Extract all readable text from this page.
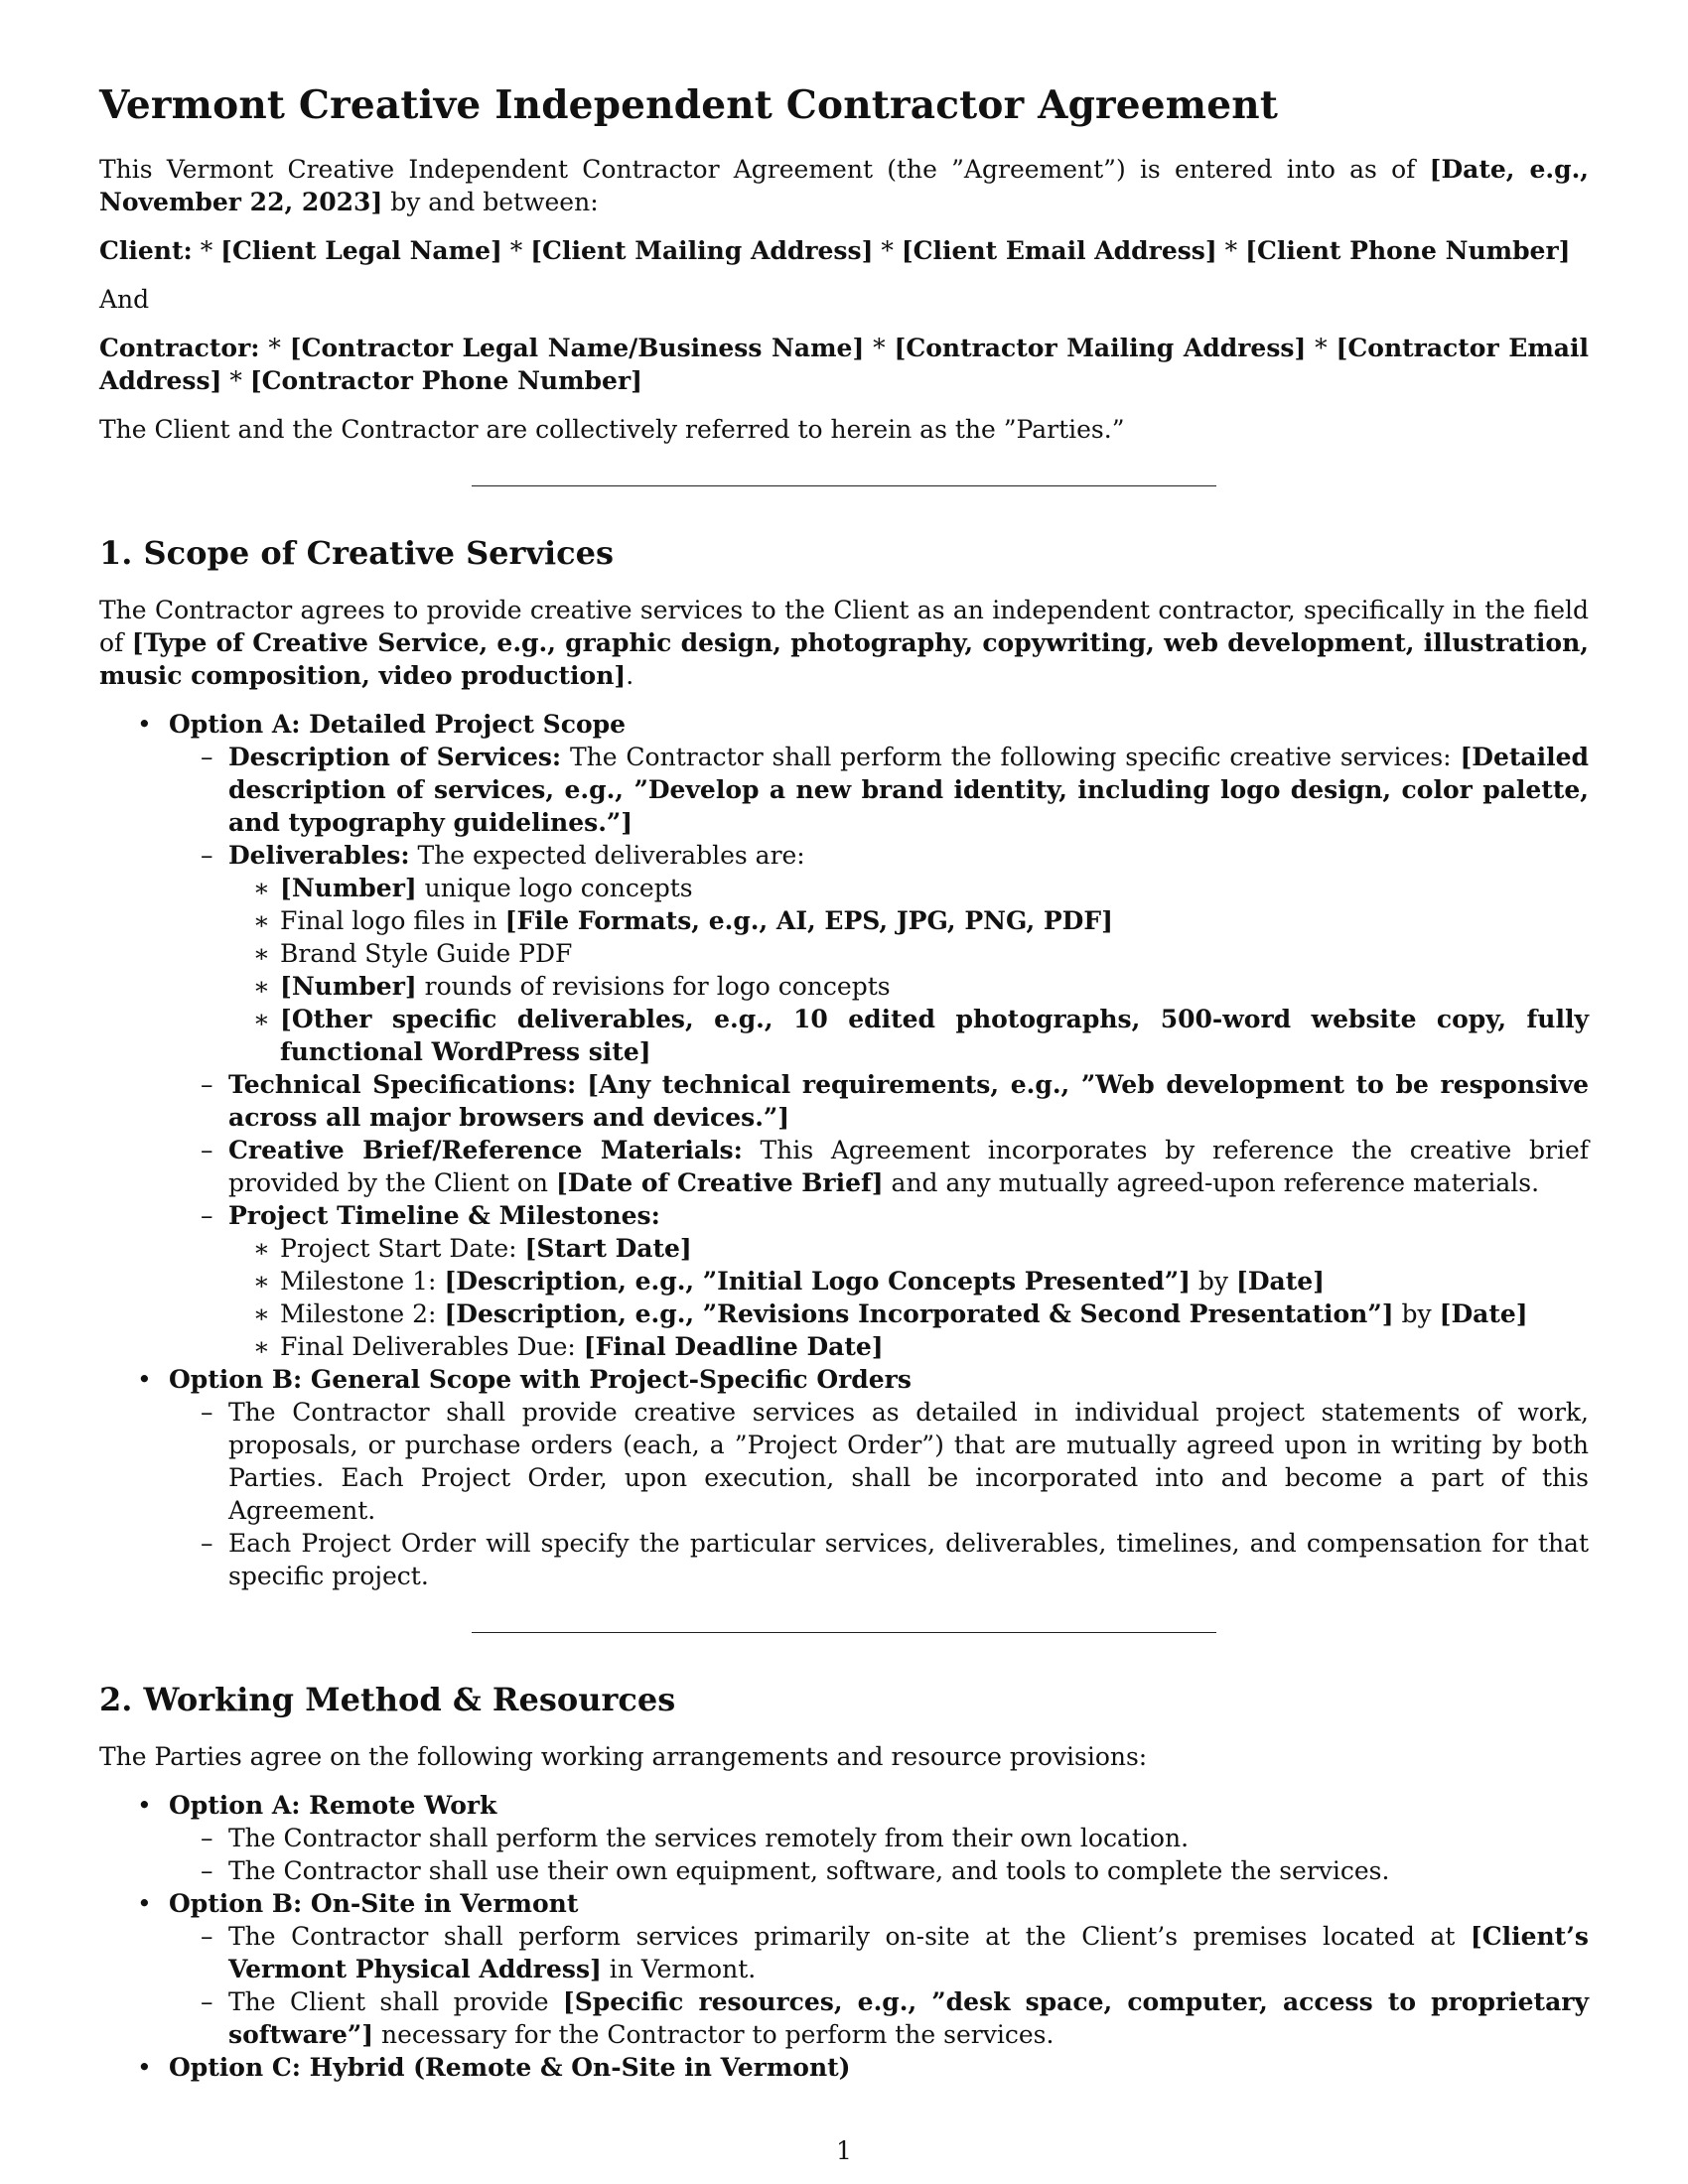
Vermont Creative Independent Contractor Agreement

This Vermont Creative Independent Contractor Agreement (the ”Agreement”) is entered into as of [Date, e.g., November 22, 2023] by and between:

Client: * [Client Legal Name] * [Client Mailing Address] * [Client Email Address] * [Client Phone Number]

And

Contractor: * [Contractor Legal Name/Business Name] * [Contractor Mailing Address] * [Contractor Email Address] * [Contractor Phone Number]

The Client and the Contractor are collectively referred to herein as the ”Parties.”

1. Scope of Creative Services

The Contractor agrees to provide creative services to the Client as an independent contractor, specifically in the field of [Type of Creative Service, e.g., graphic design, photography, copywriting, web development, illustration, music composition, video production].

• Option A: Detailed Project Scope
– Description of Services: The Contractor shall perform the following specific creative services: [Detailed description of services, e.g., ”Develop a new brand identity, including logo design, color palette, and typography guidelines.”]
– Deliverables: The expected deliverables are:
∗ [Number] unique logo concepts
∗ Final logo files in [File Formats, e.g., AI, EPS, JPG, PNG, PDF]
∗ Brand Style Guide PDF
∗ [Number] rounds of revisions for logo concepts
∗ [Other specific deliverables, e.g., 10 edited photographs, 500-word website copy, fully functional WordPress site]
– Technical Specifications: [Any technical requirements, e.g., ”Web development to be responsive across all major browsers and devices.”]
– Creative Brief/Reference Materials: This Agreement incorporates by reference the creative brief provided by the Client on [Date of Creative Brief] and any mutually agreed-upon reference materials.
– Project Timeline & Milestones:
∗ Project Start Date: [Start Date]
∗ Milestone 1: [Description, e.g., ”Initial Logo Concepts Presented”] by [Date]
∗ Milestone 2: [Description, e.g., ”Revisions Incorporated & Second Presentation”] by [Date]
∗ Final Deliverables Due: [Final Deadline Date]
• Option B: General Scope with Project-Specific Orders
– The Contractor shall provide creative services as detailed in individual project statements of work, proposals, or purchase orders (each, a ”Project Order”) that are mutually agreed upon in writing by both Parties. Each Project Order, upon execution, shall be incorporated into and become a part of this Agreement.
– Each Project Order will specify the particular services, deliverables, timelines, and compensation for that specific project.
2. Working Method & Resources

The Parties agree on the following working arrangements and resource provisions:

• Option A: Remote Work
– The Contractor shall perform the services remotely from their own location.
– The Contractor shall use their own equipment, software, and tools to complete the services.
• Option B: On-Site in Vermont
– The Contractor shall perform services primarily on-site at the Client’s premises located at [Client’s Vermont Physical Address] in Vermont.
– The Client shall provide [Specific resources, e.g., ”desk space, computer, access to proprietary software”] necessary for the Contractor to perform the services.
• Option C: Hybrid (Remote & On-Site in Vermont)
1
